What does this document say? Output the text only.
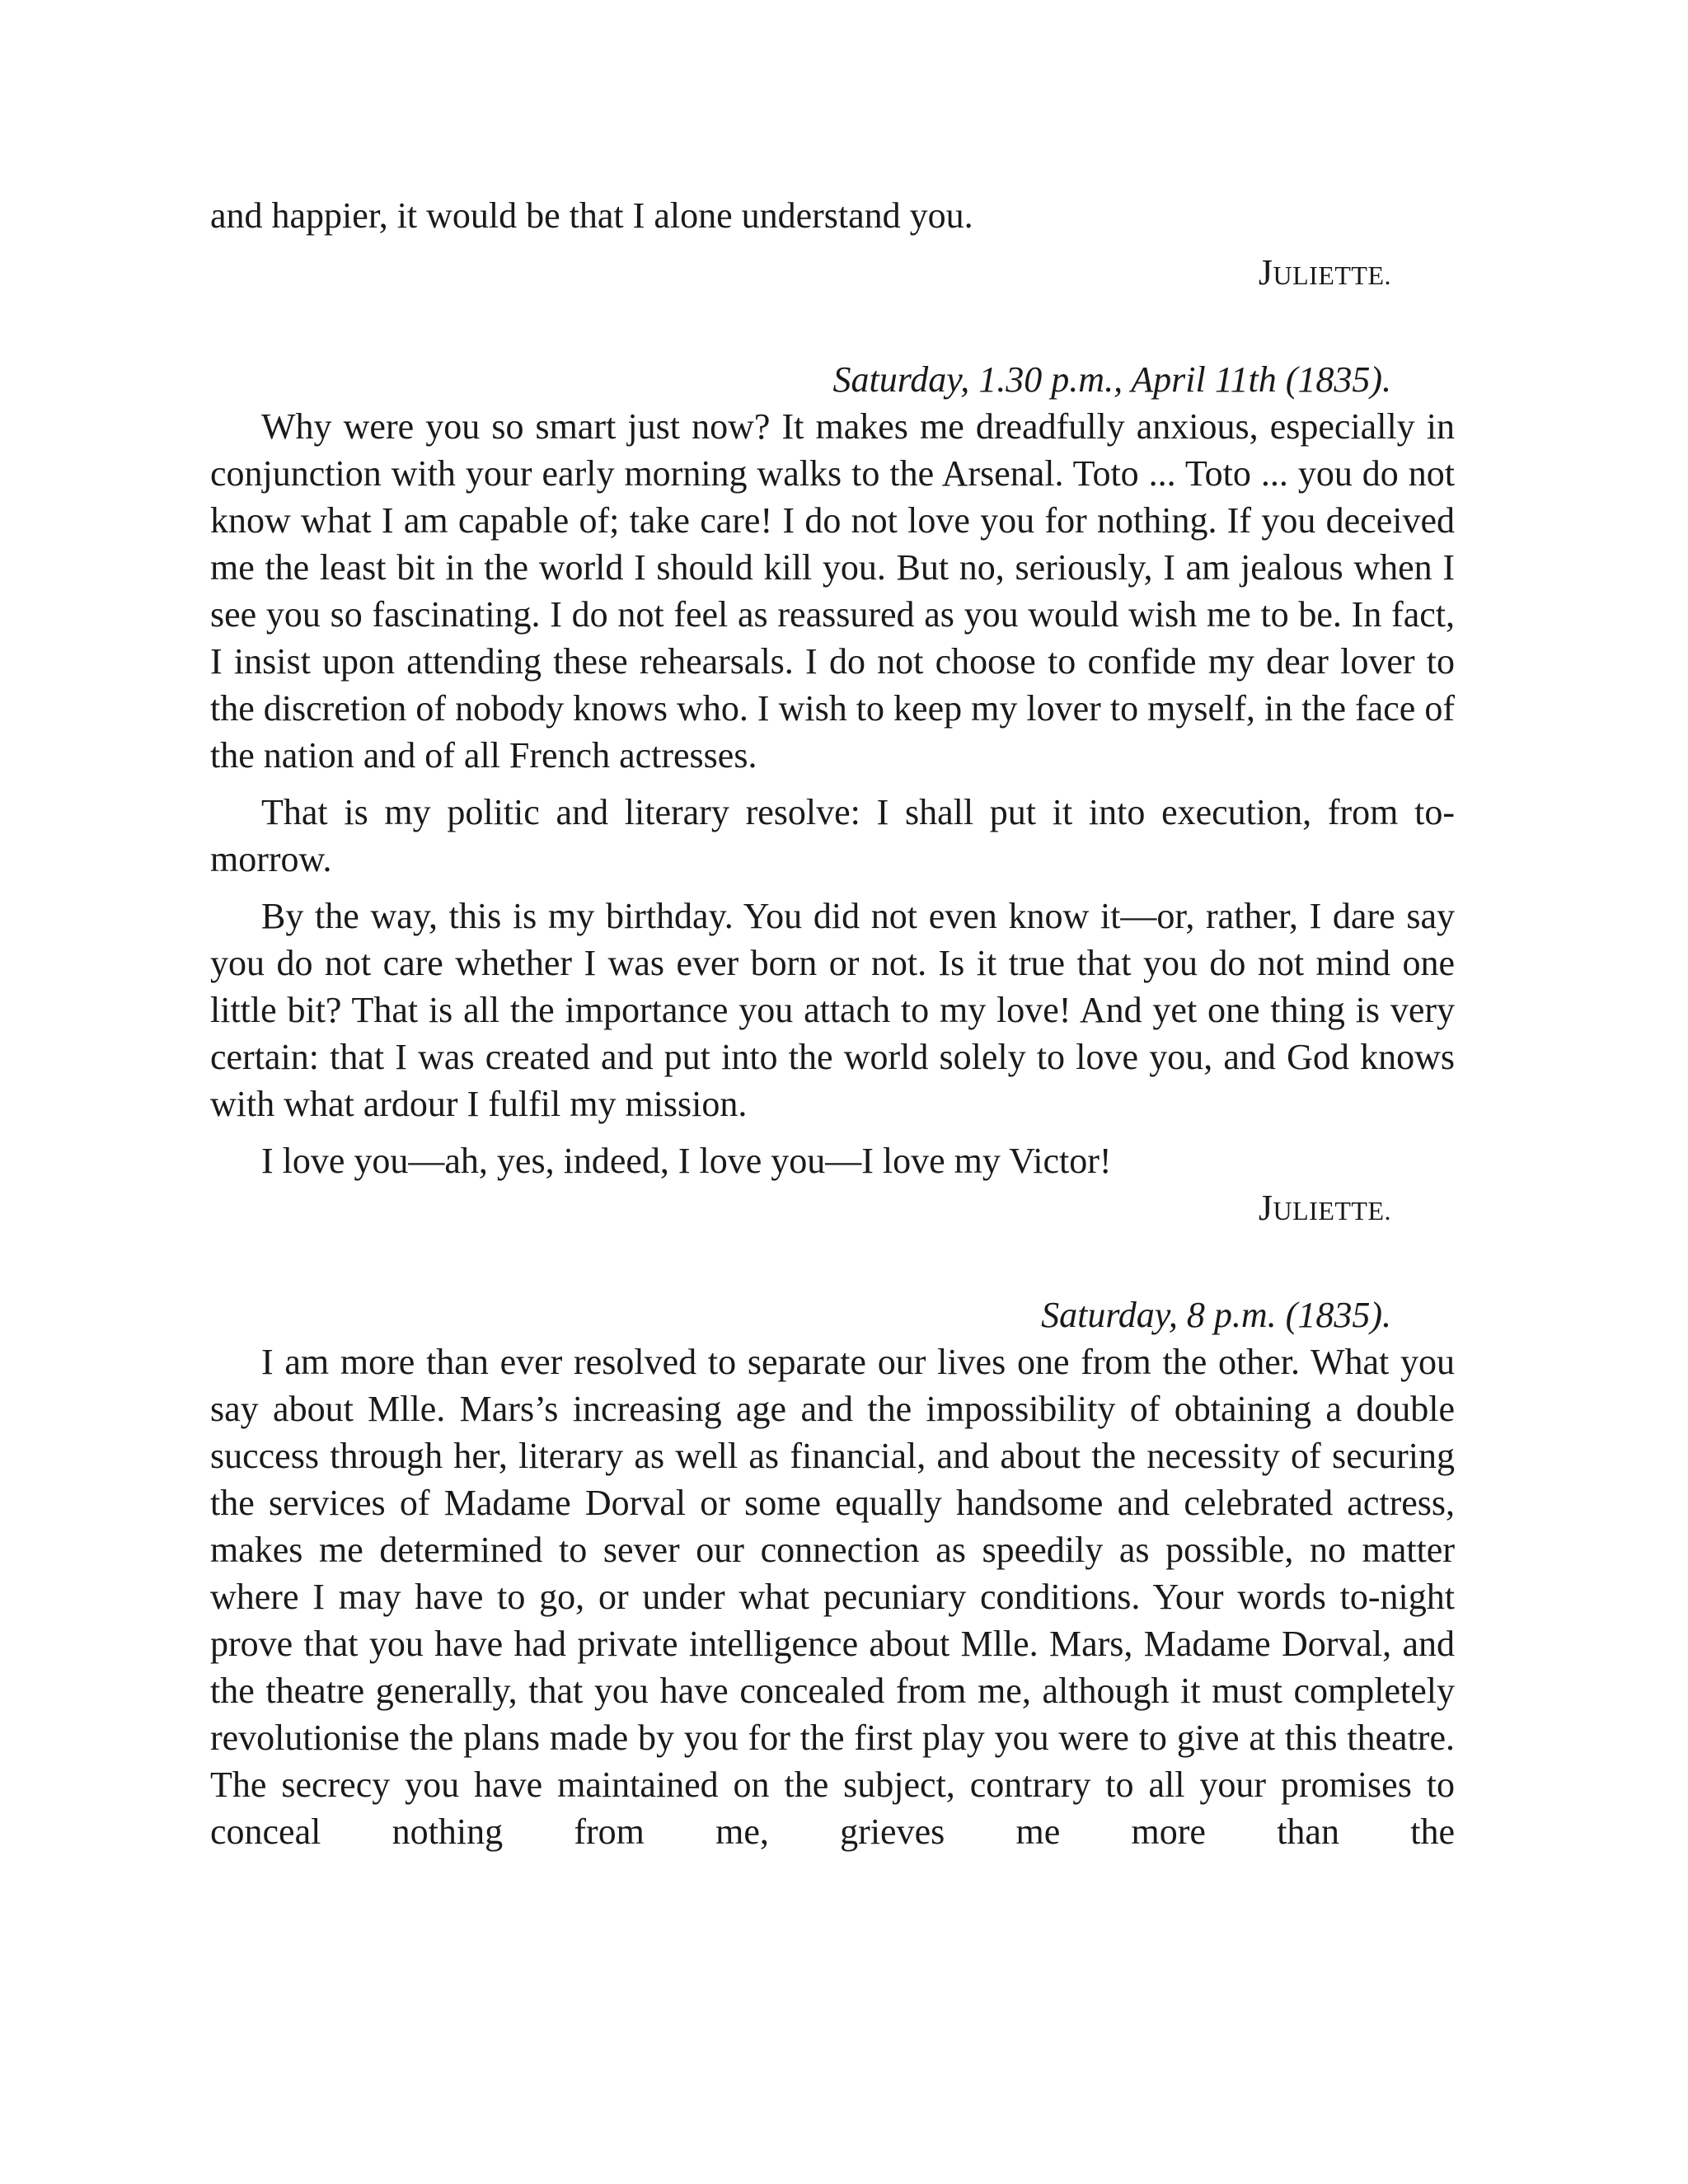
and happier, it would be that I alone understand you.

JULIETTE.

Saturday, 1.30 p.m., April 11th (1835).

Why were you so smart just now? It makes me dreadfully anxious, especially in conjunction with your early morning walks to the Arsenal. Toto ... Toto ... you do not know what I am capable of; take care! I do not love you for nothing. If you deceived me the least bit in the world I should kill you. But no, seriously, I am jealous when I see you so fascinating. I do not feel as reassured as you would wish me to be. In fact, I insist upon attending these rehearsals. I do not choose to confide my dear lover to the discretion of nobody knows who. I wish to keep my lover to myself, in the face of the nation and of all French actresses.

That is my politic and literary resolve: I shall put it into execution, from to-morrow.

By the way, this is my birthday. You did not even know it—or, rather, I dare say you do not care whether I was ever born or not. Is it true that you do not mind one little bit? That is all the importance you attach to my love! And yet one thing is very certain: that I was created and put into the world solely to love you, and God knows with what ardour I fulfil my mission.

I love you—ah, yes, indeed, I love you—I love my Victor!

JULIETTE.

Saturday, 8 p.m. (1835).

I am more than ever resolved to separate our lives one from the other. What you say about Mlle. Mars’s increasing age and the impossibility of obtaining a double success through her, literary as well as financial, and about the necessity of securing the services of Madame Dorval or some equally handsome and celebrated actress, makes me determined to sever our connection as speedily as possible, no matter where I may have to go, or under what pecuniary conditions. Your words to-night prove that you have had private intelligence about Mlle. Mars, Madame Dorval, and the theatre generally, that you have concealed from me, although it must completely revolutionise the plans made by you for the first play you were to give at this theatre. The secrecy you have maintained on the subject, contrary to all your promises to conceal nothing from me, grieves me more than the
